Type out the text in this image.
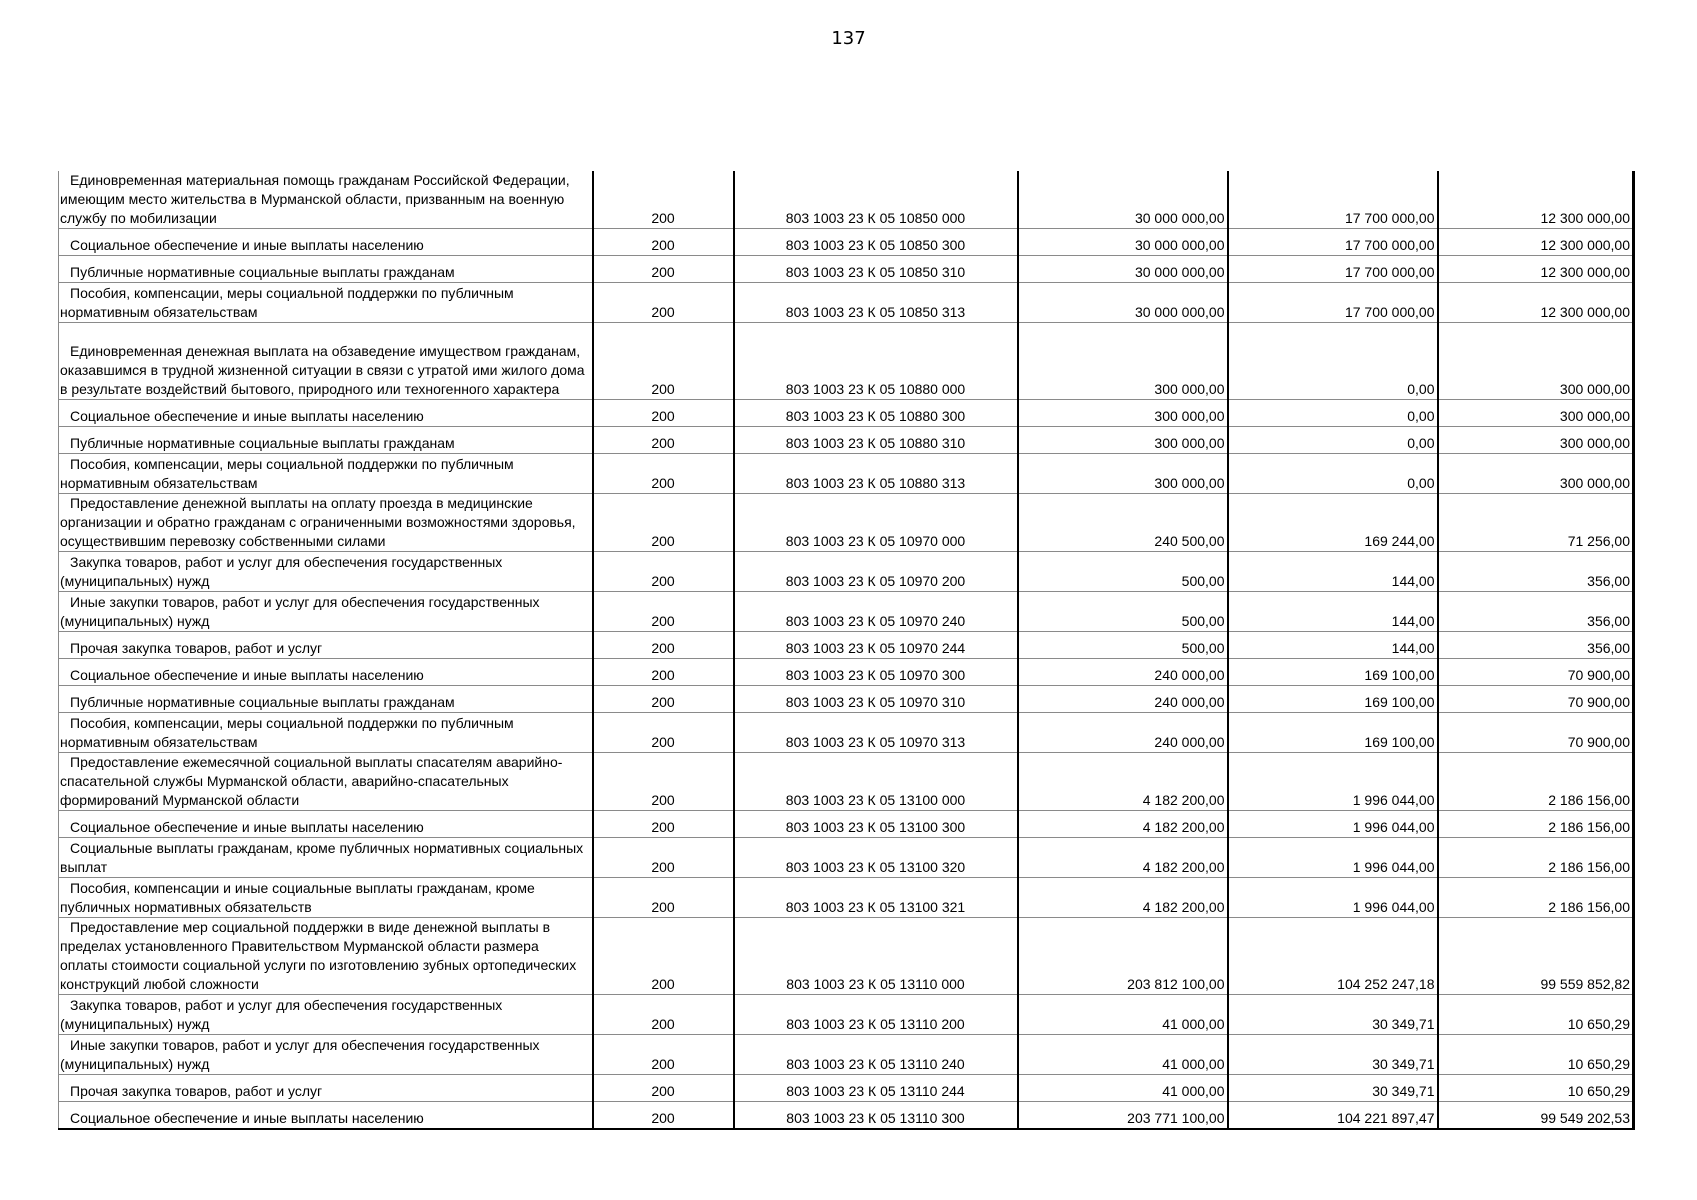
137
Единовременная материальная помощь гражданам Российской Федерации, имеющим место жительства в Мурманской области, призванным на военную службу по мобилизации	200	803 1003 23 К 05 10850 000	30 000 000,00	17 700 000,00	12 300 000,00
Социальное обеспечение и иные выплаты населению	200	803 1003 23 К 05 10850 300	30 000 000,00	17 700 000,00	12 300 000,00
Публичные нормативные социальные выплаты гражданам	200	803 1003 23 К 05 10850 310	30 000 000,00	17 700 000,00	12 300 000,00
Пособия, компенсации, меры социальной поддержки по публичным нормативным обязательствам	200	803 1003 23 К 05 10850 313	30 000 000,00	17 700 000,00	12 300 000,00
Единовременная денежная выплата на обзаведение имуществом гражданам, оказавшимся в трудной жизненной ситуации в связи с утратой ими жилого дома в результате воздействий бытового, природного или техногенного характера	200	803 1003 23 К 05 10880 000	300 000,00	0,00	300 000,00
Социальное обеспечение и иные выплаты населению	200	803 1003 23 К 05 10880 300	300 000,00	0,00	300 000,00
Публичные нормативные социальные выплаты гражданам	200	803 1003 23 К 05 10880 310	300 000,00	0,00	300 000,00
Пособия, компенсации, меры социальной поддержки по публичным нормативным обязательствам	200	803 1003 23 К 05 10880 313	300 000,00	0,00	300 000,00
Предоставление денежной выплаты на оплату проезда в медицинские организации и обратно гражданам с ограниченными возможностями здоровья, осуществившим перевозку собственными силами	200	803 1003 23 К 05 10970 000	240 500,00	169 244,00	71 256,00
Закупка товаров, работ и услуг для обеспечения государственных (муниципальных) нужд	200	803 1003 23 К 05 10970 200	500,00	144,00	356,00
Иные закупки товаров, работ и услуг для обеспечения государственных (муниципальных) нужд	200	803 1003 23 К 05 10970 240	500,00	144,00	356,00
Прочая закупка товаров, работ и услуг	200	803 1003 23 К 05 10970 244	500,00	144,00	356,00
Социальное обеспечение и иные выплаты населению	200	803 1003 23 К 05 10970 300	240 000,00	169 100,00	70 900,00
Публичные нормативные социальные выплаты гражданам	200	803 1003 23 К 05 10970 310	240 000,00	169 100,00	70 900,00
Пособия, компенсации, меры социальной поддержки по публичным нормативным обязательствам	200	803 1003 23 К 05 10970 313	240 000,00	169 100,00	70 900,00
Предоставление ежемесячной социальной выплаты спасателям аварийно-спасательной службы Мурманской области, аварийно-спасательных формирований Мурманской области	200	803 1003 23 К 05 13100 000	4 182 200,00	1 996 044,00	2 186 156,00
Социальное обеспечение и иные выплаты населению	200	803 1003 23 К 05 13100 300	4 182 200,00	1 996 044,00	2 186 156,00
Социальные выплаты гражданам, кроме публичных нормативных социальных выплат	200	803 1003 23 К 05 13100 320	4 182 200,00	1 996 044,00	2 186 156,00
Пособия, компенсации и иные социальные выплаты гражданам, кроме публичных нормативных обязательств	200	803 1003 23 К 05 13100 321	4 182 200,00	1 996 044,00	2 186 156,00
Предоставление мер социальной поддержки в виде денежной выплаты в пределах установленного Правительством Мурманской области размера оплаты стоимости социальной услуги по изготовлению зубных ортопедических конструкций любой сложности	200	803 1003 23 К 05 13110 000	203 812 100,00	104 252 247,18	99 559 852,82
Закупка товаров, работ и услуг для обеспечения государственных (муниципальных) нужд	200	803 1003 23 К 05 13110 200	41 000,00	30 349,71	10 650,29
Иные закупки товаров, работ и услуг для обеспечения государственных (муниципальных) нужд	200	803 1003 23 К 05 13110 240	41 000,00	30 349,71	10 650,29
Прочая закупка товаров, работ и услуг	200	803 1003 23 К 05 13110 244	41 000,00	30 349,71	10 650,29
Социальное обеспечение и иные выплаты населению	200	803 1003 23 К 05 13110 300	203 771 100,00	104 221 897,47	99 549 202,53
